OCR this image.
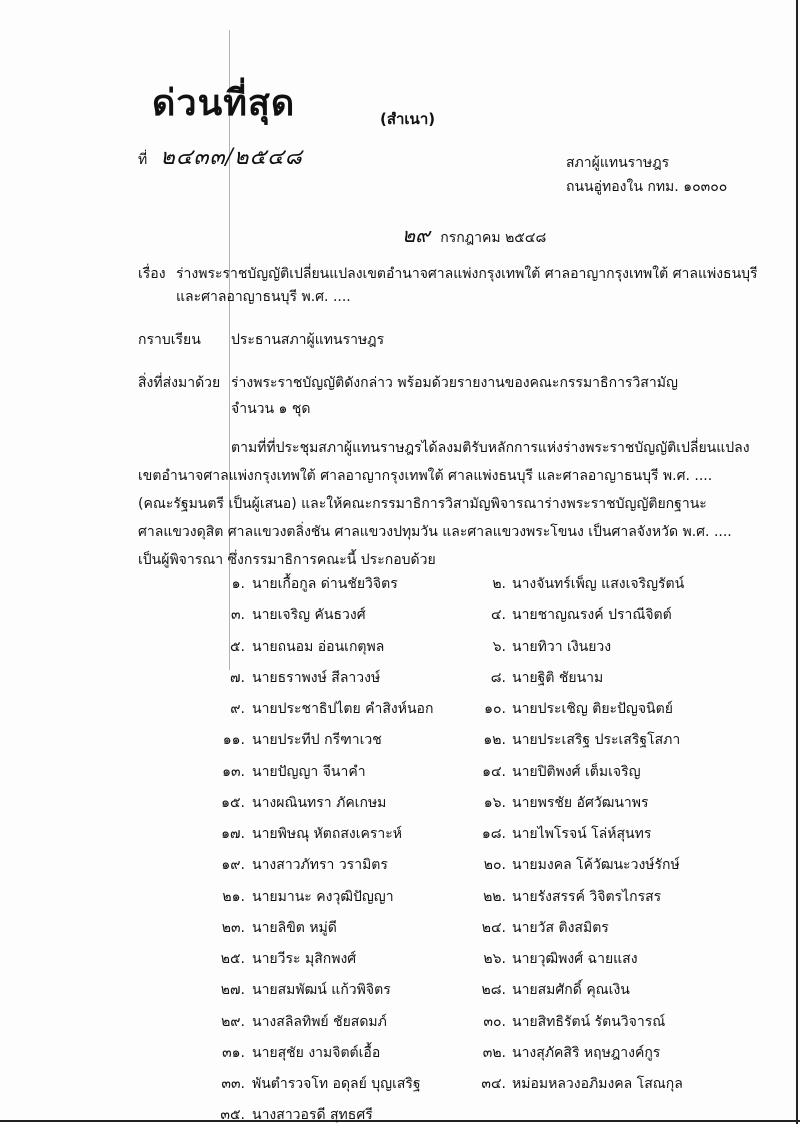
ด่วนที่สุด	(สำเนา)
ที่ ๒๔๓๓/๒๕๔๘	สภาผู้แทนราษฎร
ถนนอู่ทองใน กทม. ๑๐๓๐๐
๒๙ กรกฎาคม ๒๕๔๘
เรื่อง ร่างพระราชบัญญัติเปลี่ยนแปลงเขตอำนาจศาลแพ่งกรุงเทพใต้ ศาลอาญากรุงเทพใต้ ศาลแพ่งธนบุรี
และศาลอาญาธนบุรี พ.ศ. ....
กราบเรียน ประธานสภาผู้แทนราษฎร
สิ่งที่ส่งมาด้วย ร่างพระราชบัญญัติดังกล่าว พร้อมด้วยรายงานของคณะกรรมาธิการวิสามัญ
จำนวน ๑ ชุด
ตามที่ที่ประชุมสภาผู้แทนราษฎรได้ลงมติรับหลักการแห่งร่างพระราชบัญญัติเปลี่ยนแปลง
เขตอำนาจศาลแพ่งกรุงเทพใต้ ศาลอาญากรุงเทพใต้ ศาลแพ่งธนบุรี และศาลอาญาธนบุรี พ.ศ. ....
(คณะรัฐมนตรี เป็นผู้เสนอ) และให้คณะกรรมาธิการวิสามัญพิจารณาร่างพระราชบัญญัติยกฐานะ
ศาลแขวงดุสิต ศาลแขวงตลิ่งชัน ศาลแขวงปทุมวัน และศาลแขวงพระโขนง เป็นศาลจังหวัด พ.ศ. ....
เป็นผู้พิจารณา ซึ่งกรรมาธิการคณะนี้ ประกอบด้วย
๑. นายเกื้อกูล ด่านชัยวิจิตร	๒. นางจันทร์เพ็ญ แสงเจริญรัตน์
๓. นายเจริญ คันธวงศ์	๔. นายชาญณรงค์ ปราณีจิตต์
๕. นายถนอม อ่อนเกตุพล	๖. นายทิวา เงินยวง
๗. นายธราพงษ์ สีลาวงษ์	๘. นายฐิติ ชัยนาม
๙. นายประชาธิปไตย คำสิงห์นอก	๑๐. นายประเชิญ ติยะปัญจนิตย์
๑๑. นายประทีป กรีฑาเวช	๑๒. นายประเสริฐ ประเสริฐโสภา
๑๓. นายปัญญา จีนาคำ	๑๔. นายปิติพงศ์ เต็มเจริญ
๑๕. นางผณินทรา ภัคเกษม	๑๖. นายพรชัย อัศวัฒนาพร
๑๗. นายพิษณุ หัตถสงเคราะห์	๑๘. นายไพโรจน์ โล่ห์สุนทร
๑๙. นางสาวภัทรา วรามิตร	๒๐. นายมงคล โค้วัฒนะวงษ์รักษ์
๒๑. นายมานะ คงวุฒิปัญญา	๒๒. นายรังสรรค์ วิจิตรไกรสร
๒๓. นายลิขิต หมู่ดี	๒๔. นายวัส ติงสมิตร
๒๕. นายวีระ มุสิกพงศ์	๒๖. นายวุฒิพงศ์ ฉายแสง
๒๗. นายสมพัฒน์ แก้วพิจิตร	๒๘. นายสมศักดิ์ คุณเงิน
๒๙. นางสลิลทิพย์ ชัยสดมภ์	๓๐. นายสิทธิรัตน์ รัตนวิจารณ์
๓๑. นายสุชัย งามจิตต์เอื้อ	๓๒. นางสุภัคสิริ หฤษฎางค์กูร
๓๓. พันตำรวจโท อดุลย์ บุญเสริฐ	๓๔. หม่อมหลวงอภิมงคล โสณกุล
๓๕. นางสาวอรดี สุทธศรี
